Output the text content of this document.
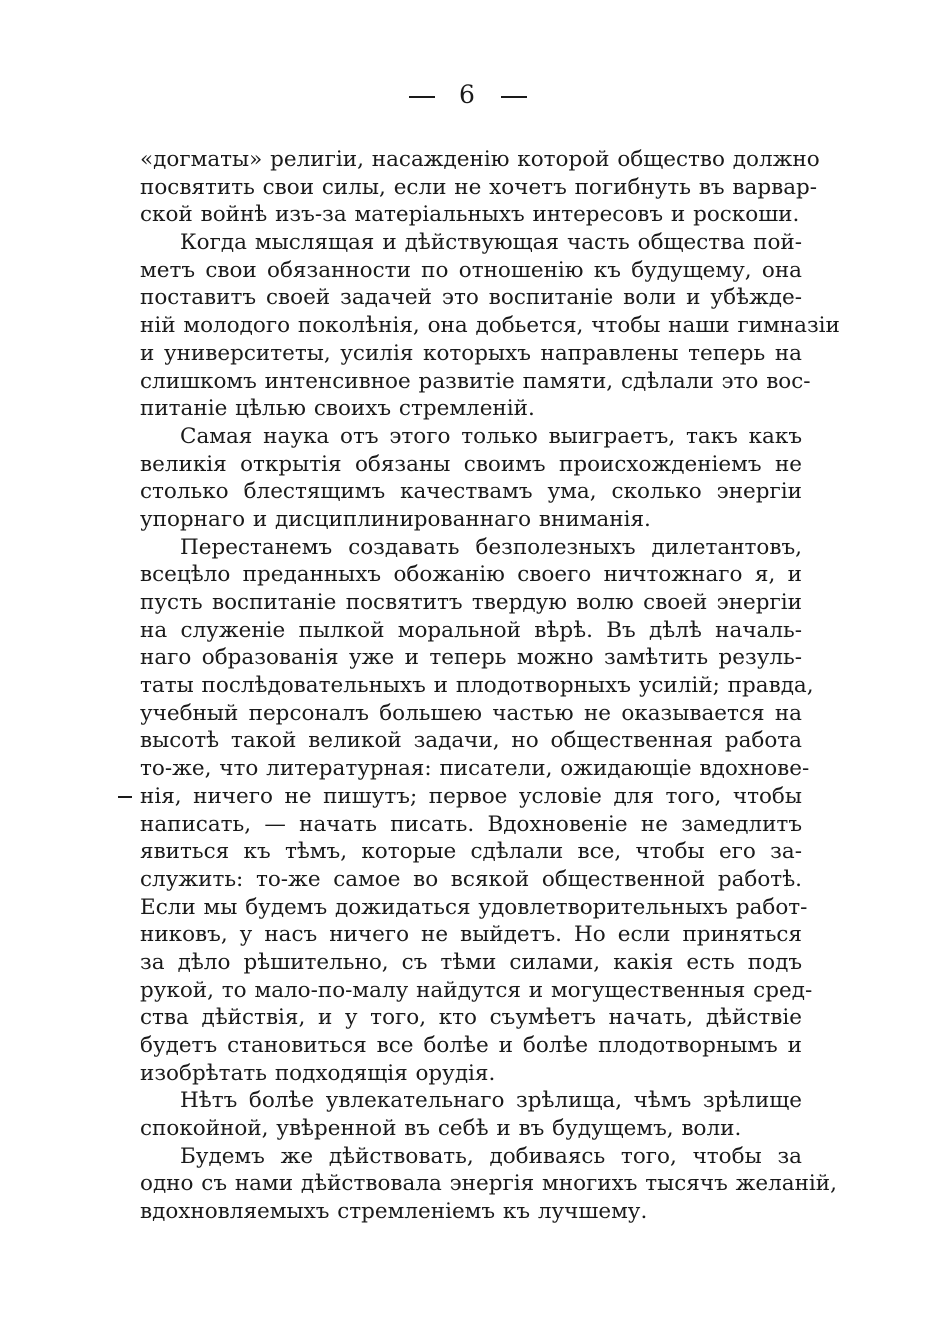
6
«догматы» религіи, насажденію которой общество должно
посвятить свои силы, если не хочетъ погибнуть въ варвар-
ской войнѣ изъ-за матеріальныхъ интересовъ и роскоши.
Когда мыслящая и дѣйствующая часть общества пой-
метъ свои обязанности по отношенію къ будущему, она
поставитъ своей задачей это воспитаніе воли и убѣжде-
ній молодого поколѣнія, она добьется, чтобы наши гимназіи
и университеты, усилія которыхъ направлены теперь на
слишкомъ интенсивное развитіе памяти, сдѣлали это вос-
питаніе цѣлью своихъ стремленій.
Самая наука отъ этого только выиграетъ, такъ какъ
великія открытія обязаны своимъ происхожденіемъ не
столько блестящимъ качествамъ ума, сколько энергіи
упорнаго и дисциплинированнаго вниманія.
Перестанемъ создавать безполезныхъ дилетантовъ,
всецѣло преданныхъ обожанію своего ничтожнаго я, и
пусть воспитаніе посвятитъ твердую волю своей энергіи
на служеніе пылкой моральной вѣрѣ. Въ дѣлѣ началь-
наго образованія уже и теперь можно замѣтить резуль-
таты послѣдовательныхъ и плодотворныхъ усилій; правда,
учебный персоналъ большею частью не оказывается на
высотѣ такой великой задачи, но общественная работа
то-же, что литературная: писатели, ожидающіе вдохнове-
нія, ничего не пишутъ; первое условіе для того, чтобы
написать, — начать писать. Вдохновеніе не замедлитъ
явиться къ тѣмъ, которые сдѣлали все, чтобы его за-
служить: то-же самое во всякой общественной работѣ.
Если мы будемъ дожидаться удовлетворительныхъ работ-
никовъ, у насъ ничего не выйдетъ. Но если приняться
за дѣло рѣшительно, съ тѣми силами, какія есть подъ
рукой, то мало-по-малу найдутся и могущественныя сред-
ства дѣйствія, и у того, кто съумѣетъ начать, дѣйствіе
будетъ становиться все болѣе и болѣе плодотворнымъ и
изобрѣтать подходящія орудія.
Нѣтъ болѣе увлекательнаго зрѣлища, чѣмъ зрѣлище
спокойной, увѣренной въ себѣ и въ будущемъ, воли.
Будемъ же дѣйствовать, добиваясь того, чтобы за
одно съ нами дѣйствовала энергія многихъ тысячъ желаній,
вдохновляемыхъ стремленіемъ къ лучшему.
